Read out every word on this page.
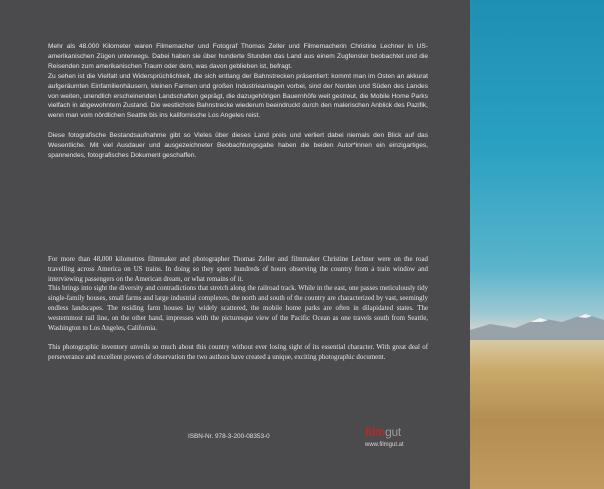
Mehr als 48.000 Kilometer waren Filmemacher und Fotograf Thomas Zeller und Filmemacherin Christine Lechner in US-amerikanischen Zügen unterwegs. Dabei haben sie über hunderte Stunden das Land aus einem Zugfenster beobachtet und die Reisenden zum amerikanischen Traum oder dem, was davon geblieben ist, befragt.

Zu sehen ist die Vielfalt und Widersprüchlichkeit, die sich entlang der Bahnstrecken präsentiert: kommt man im Osten an akkurat aufgeräumten Einfamilienhäusern, kleinen Farmen und großen Industrieanlagen vorbei, sind der Norden und Süden des Landes von weiten, unendlich erscheinenden Landschaften geprägt, die dazugehörigen Bauernhöfe weit gestreut, die Mobile Home Parks vielfach in abgewohntem Zustand. Die westlichste Bahnstrecke wiederum beeindruckt durch den malerischen Anblick des Pazifik, wenn man vom nördlichen Seattle bis ins kalifornische Los Angeles reist.

Diese fotografische Bestandsaufnahme gibt so Vieles über dieses Land preis und verliert dabei niemals den Blick auf das Wesentliche. Mit viel Ausdauer und ausgezeichneter Beobachtungsgabe haben die beiden Autor*innen ein einzigartiges, spannendes, fotografisches Dokument geschaffen.

For more than 48,000 kilometres filmmaker and photographer Thomas Zeller and filmmaker Christine Lechner were on the road travelling across America on US trains. In doing so they spent hundreds of hours observing the country from a train window and interviewing passengers on the American dream, or what remains of it.

This brings into sight the diversity and contradictions that stretch along the railroad track. While in the east, one passes meticulously tidy single-family houses, small farms and large industrial complexes, the north and south of the country are characterized by vast, seemingly endless landscapes. The residing farm houses lay widely scattered, the mobile home parks are often in dilapidated states. The westernmost rail line, on the other hand, impresses with the picturesque view of the Pacific Ocean as one travels south from Seattle, Washington to Los Angeles, California.

This photographic inventory unveils so much about this country without ever losing sight of its essential character. With great deal of perseverance and excellent powers of observation the two authors have created a unique, exciting photographic document.

ISBN-Nr. 978-3-200-08353-0	filmgut
www.filmgut.at
